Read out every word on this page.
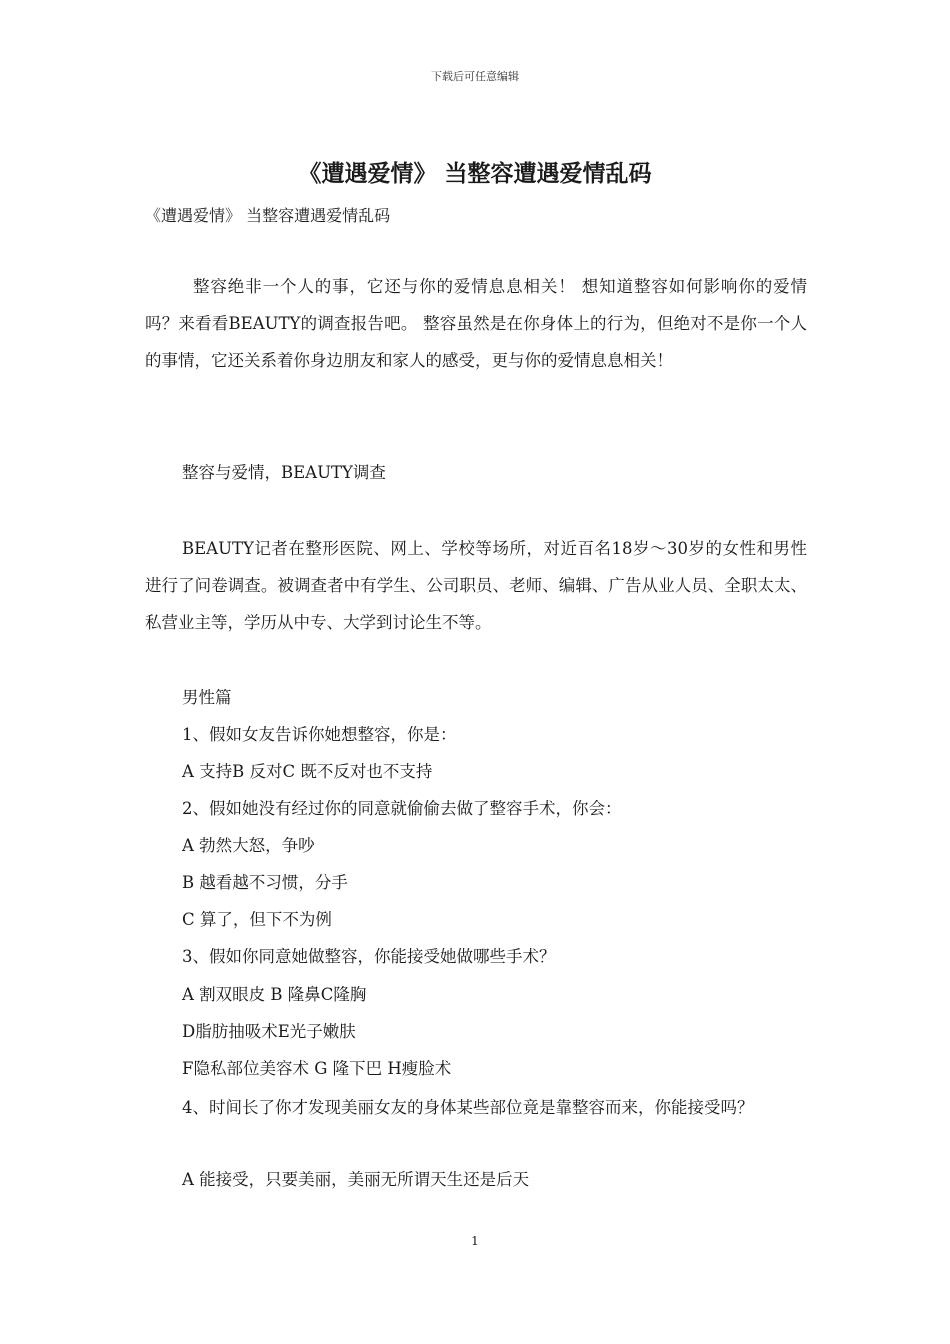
下载后可任意编辑
《遭遇爱情》 当整容遭遇爱情乱码
《遭遇爱情》 当整容遭遇爱情乱码

整容绝非一个人的事，它还与你的爱情息息相关！ 想知道整容如何影响你的爱情吗？来看看BEAUTY的调查报告吧。 整容虽然是在你身体上的行为，但绝对不是你一个人的事情，它还关系着你身边朋友和家人的感受，更与你的爱情息息相关！

整容与爱情，BEAUTY调查

BEAUTY记者在整形医院、网上、学校等场所，对近百名18岁～30岁的女性和男性进行了问卷调查。被调查者中有学生、公司职员、老师、编辑、广告从业人员、全职太太、私营业主等，学历从中专、大学到讨论生不等。

男性篇
1、假如女友告诉你她想整容，你是：
A 支持B 反对C 既不反对也不支持
2、假如她没有经过你的同意就偷偷去做了整容手术，你会：
A 勃然大怒，争吵
B 越看越不习惯，分手
C 算了，但下不为例
3、假如你同意她做整容，你能接受她做哪些手术？
A 割双眼皮 B 隆鼻C隆胸
D脂肪抽吸术E光子嫩肤
F隐私部位美容术 G 隆下巴 H瘦脸术

4、时间长了你才发现美丽女友的身体某些部位竟是靠整容而来，你能接受吗？

A 能接受，只要美丽，美丽无所谓天生还是后天
1
